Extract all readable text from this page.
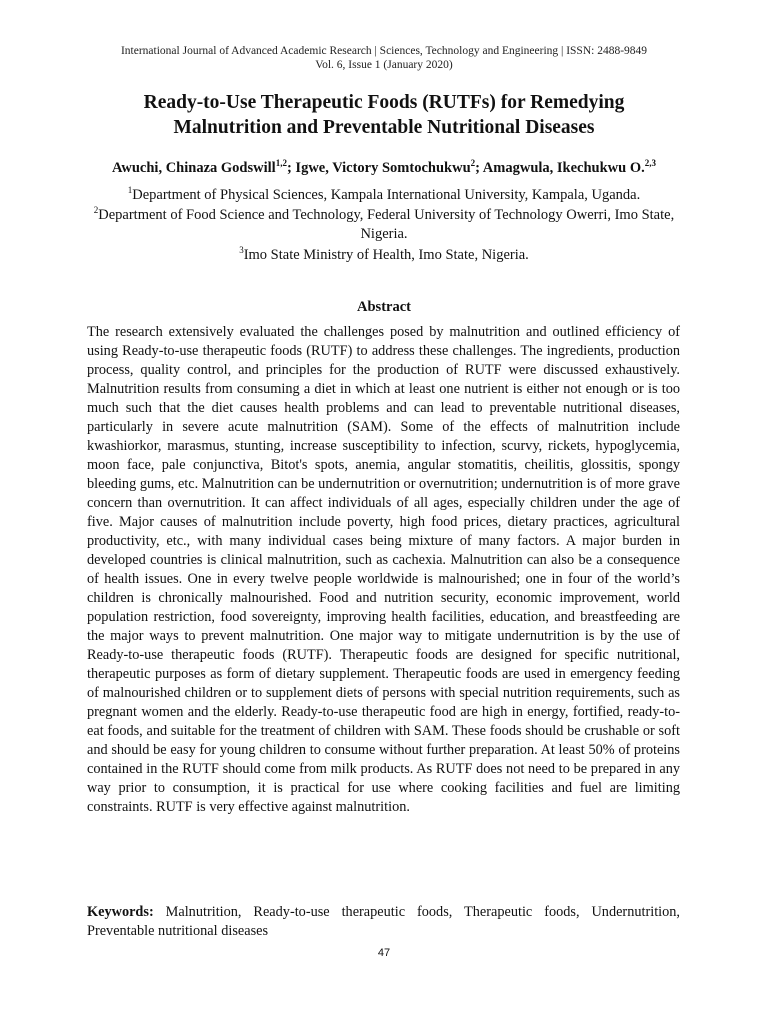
International Journal of Advanced Academic Research | Sciences, Technology and Engineering | ISSN: 2488-9849
Vol. 6, Issue 1 (January 2020)
Ready-to-Use Therapeutic Foods (RUTFs) for Remedying
Malnutrition and Preventable Nutritional Diseases
Awuchi, Chinaza Godswill$^{1,2}$; Igwe, Victory Somtochukwu$^2$; Amagwula, Ikechukwu O.$^{2,3}$
$^1$Department of Physical Sciences, Kampala International University, Kampala, Uganda.
$^2$Department of Food Science and Technology, Federal University of Technology Owerri, Imo State, Nigeria.
$^3$Imo State Ministry of Health, Imo State, Nigeria.
Abstract

The research extensively evaluated the challenges posed by malnutrition and outlined efficiency of using Ready-to-use therapeutic foods (RUTF) to address these challenges. The ingredients, production process, quality control, and principles for the production of RUTF were discussed exhaustively. Malnutrition results from consuming a diet in which at least one nutrient is either not enough or is too much such that the diet causes health problems and can lead to preventable nutritional diseases, particularly in severe acute malnutrition (SAM). Some of the effects of malnutrition include kwashiorkor, marasmus, stunting, increase susceptibility to infection, scurvy, rickets, hypoglycemia, moon face, pale conjunctiva, Bitot's spots, anemia, angular stomatitis, cheilitis, glossitis, spongy bleeding gums, etc. Malnutrition can be undernutrition or overnutrition; undernutrition is of more grave concern than overnutrition. It can affect individuals of all ages, especially children under the age of five. Major causes of malnutrition include poverty, high food prices, dietary practices, agricultural productivity, etc., with many individual cases being mixture of many factors. A major burden in developed countries is clinical malnutrition, such as cachexia. Malnutrition can also be a consequence of health issues. One in every twelve people worldwide is malnourished; one in four of the world’s children is chronically malnourished. Food and nutrition security, economic improvement, world population restriction, food sovereignty, improving health facilities, education, and breastfeeding are the major ways to prevent malnutrition. One major way to mitigate undernutrition is by the use of Ready-to-use therapeutic foods (RUTF). Therapeutic foods are designed for specific nutritional, therapeutic purposes as form of dietary supplement. Therapeutic foods are used in emergency feeding of malnourished children or to supplement diets of persons with special nutrition requirements, such as pregnant women and the elderly. Ready-to-use therapeutic food are high in energy, fortified, ready-to-eat foods, and suitable for the treatment of children with SAM. These foods should be crushable or soft and should be easy for young children to consume without further preparation. At least 50% of proteins contained in the RUTF should come from milk products. As RUTF does not need to be prepared in any way prior to consumption, it is practical for use where cooking facilities and fuel are limiting constraints. RUTF is very effective against malnutrition.

Keywords: Malnutrition, Ready-to-use therapeutic foods, Therapeutic foods, Undernutrition, Preventable nutritional diseases

47
